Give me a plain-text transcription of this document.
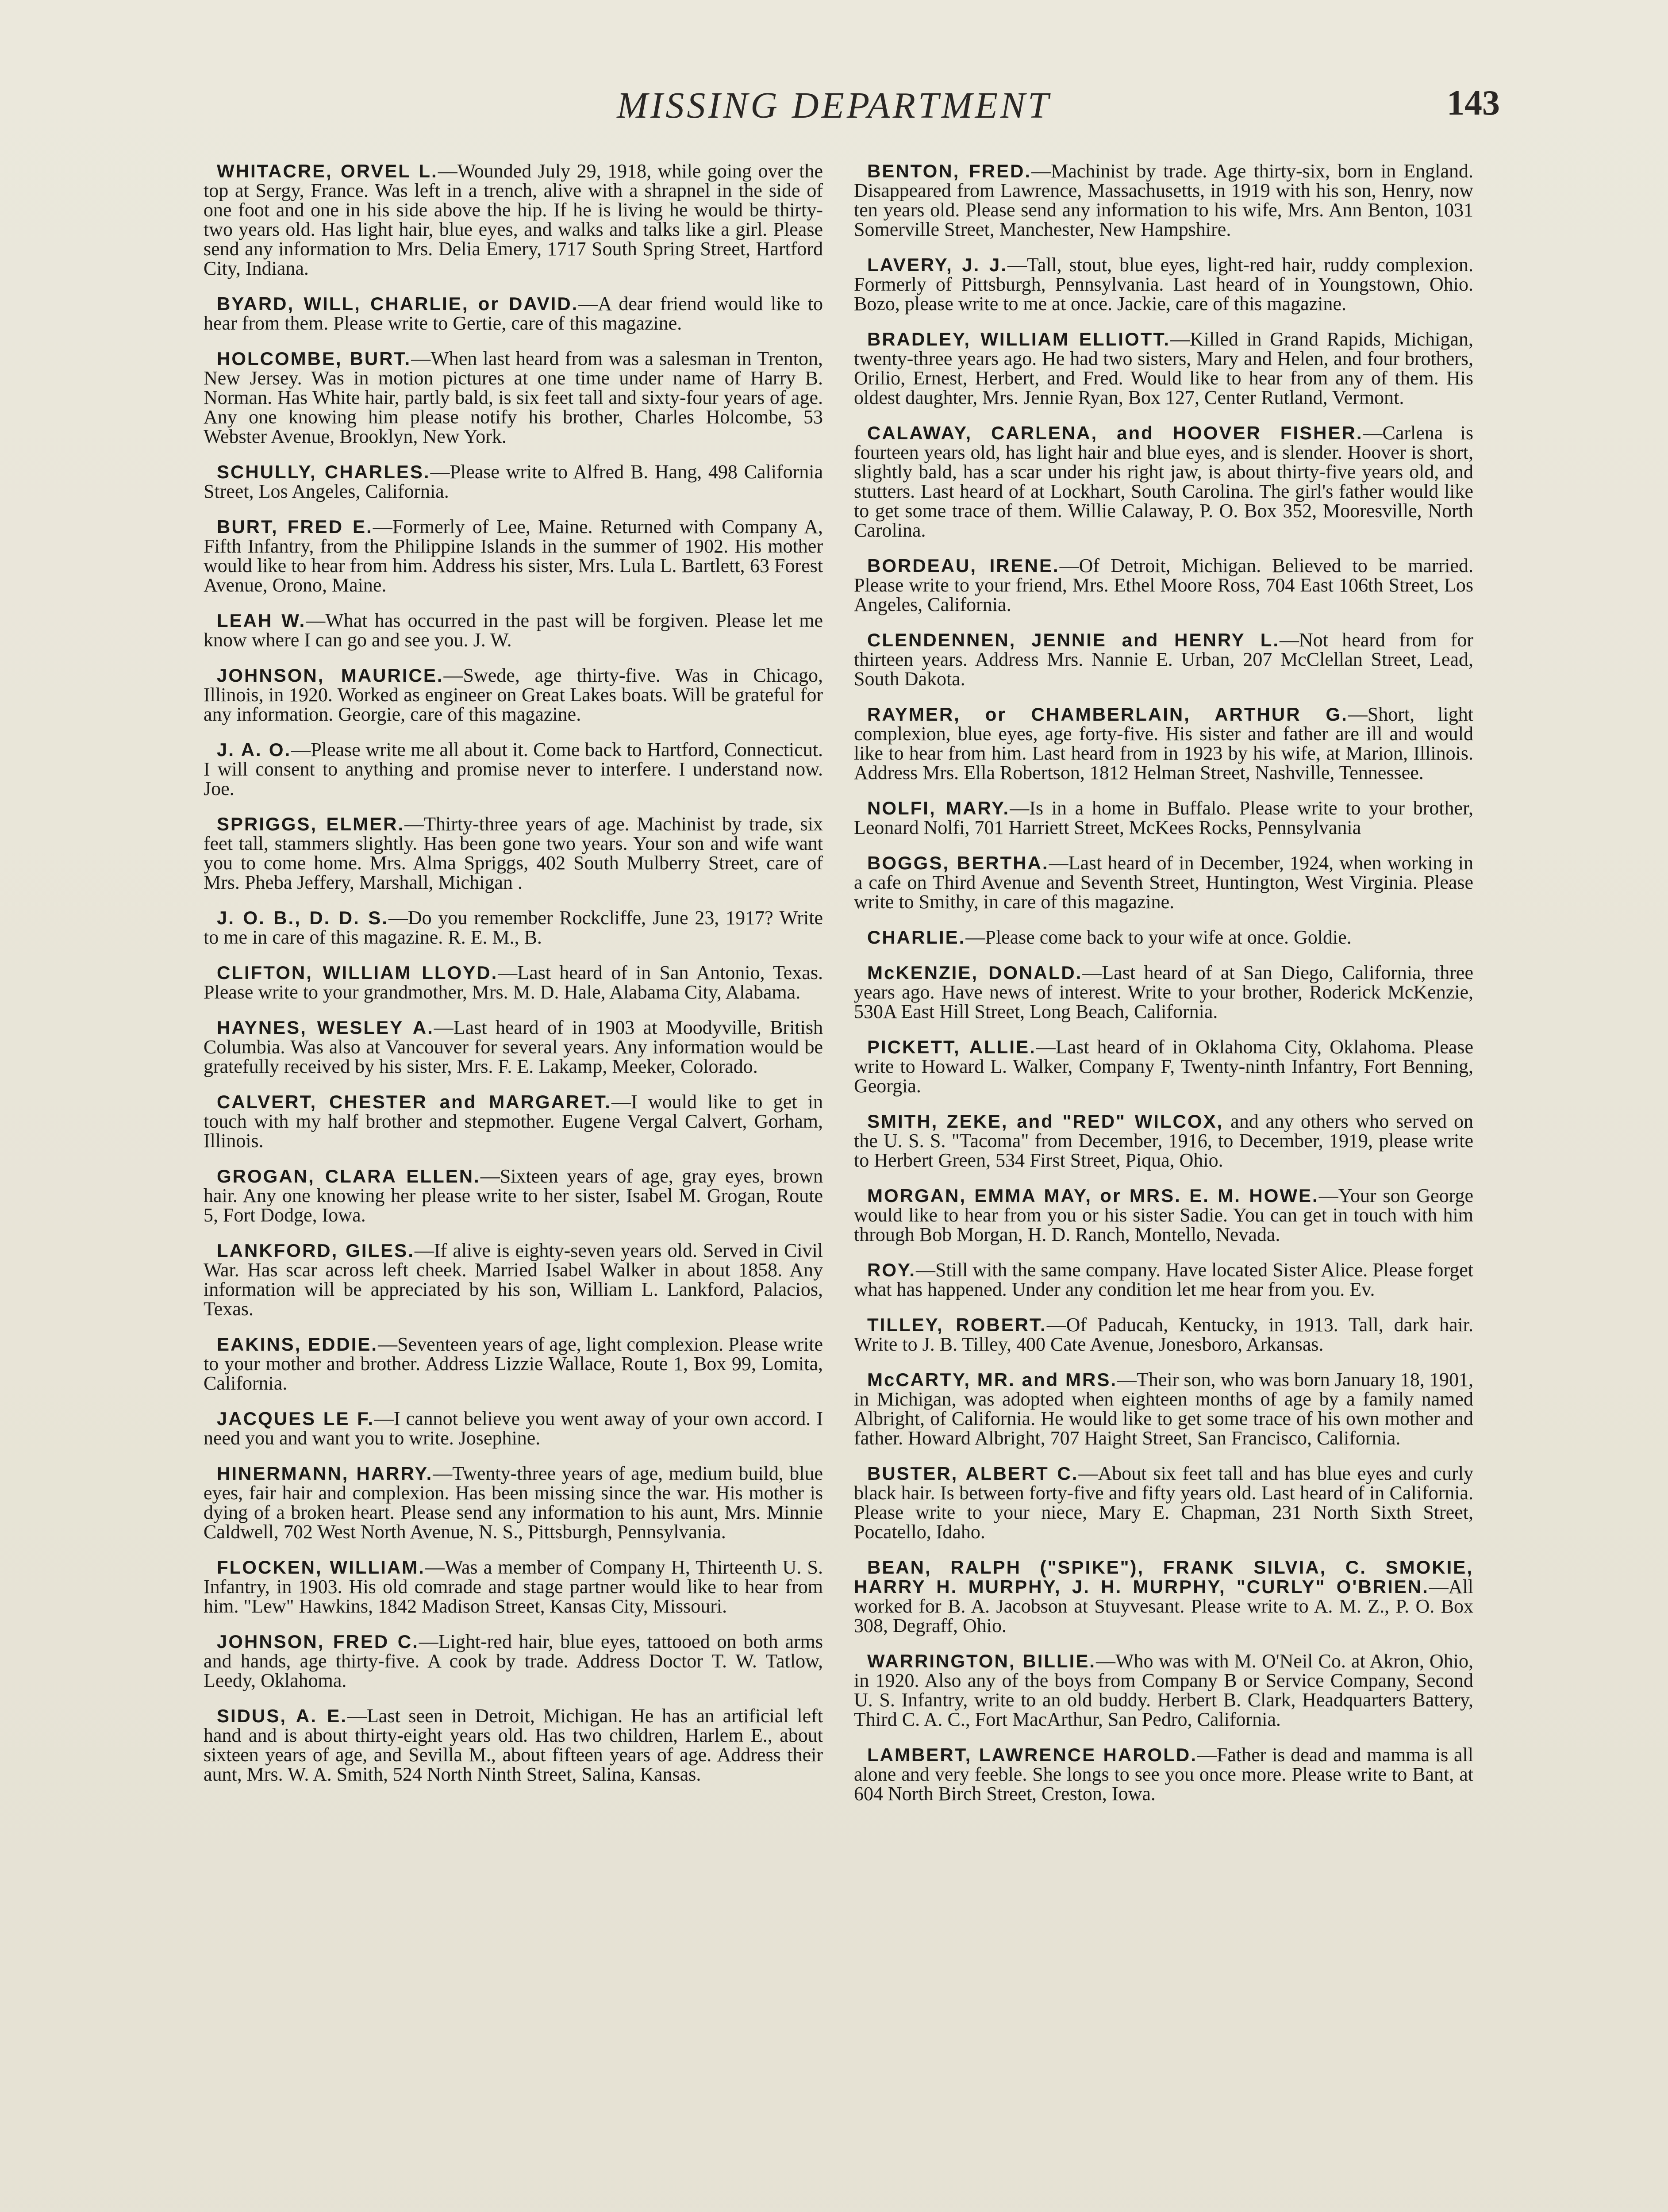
MISSING DEPARTMENT	143

WHITACRE, ORVEL L.—Wounded July 29, 1918, while going over the top at Sergy, France. Was left in a trench, alive with a shrapnel in the side of one foot and one in his side above the hip. If he is living he would be thirty-two years old. Has light hair, blue eyes, and walks and talks like a girl. Please send any information to Mrs. Delia Emery, 1717 South Spring Street, Hartford City, Indiana.

BYARD, WILL, CHARLIE, or DAVID.—A dear friend would like to hear from them. Please write to Gertie, care of this magazine.

HOLCOMBE, BURT.—When last heard from was a salesman in Trenton, New Jersey. Was in motion pictures at one time under name of Harry B. Norman. Has White hair, partly bald, is six feet tall and sixty-four years of age. Any one knowing him please notify his brother, Charles Holcombe, 53 Webster Avenue, Brooklyn, New York.

SCHULLY, CHARLES.—Please write to Alfred B. Hang, 498 California Street, Los Angeles, California.

BURT, FRED E.—Formerly of Lee, Maine. Returned with Company A, Fifth Infantry, from the Philippine Islands in the summer of 1902. His mother would like to hear from him. Address his sister, Mrs. Lula L. Bartlett, 63 Forest Avenue, Orono, Maine.

LEAH W.—What has occurred in the past will be forgiven. Please let me know where I can go and see you. J. W.

JOHNSON, MAURICE.—Swede, age thirty-five. Was in Chicago, Illinois, in 1920. Worked as engineer on Great Lakes boats. Will be grateful for any information. Georgie, care of this magazine.

J. A. O.—Please write me all about it. Come back to Hartford, Connecticut. I will consent to anything and promise never to interfere. I understand now. Joe.

SPRIGGS, ELMER.—Thirty-three years of age. Machinist by trade, six feet tall, stammers slightly. Has been gone two years. Your son and wife want you to come home. Mrs. Alma Spriggs, 402 South Mulberry Street, care of Mrs. Pheba Jeffery, Marshall, Michigan .

J. O. B., D. D. S.—Do you remember Rockcliffe, June 23, 1917? Write to me in care of this magazine. R. E. M., B.

CLIFTON, WILLIAM LLOYD.—Last heard of in San Antonio, Texas. Please write to your grandmother, Mrs. M. D. Hale, Alabama City, Alabama.

HAYNES, WESLEY A.—Last heard of in 1903 at Moodyville, British Columbia. Was also at Vancouver for several years. Any information would be gratefully received by his sister, Mrs. F. E. Lakamp, Meeker, Colorado.

CALVERT, CHESTER and MARGARET.—I would like to get in touch with my half brother and stepmother. Eugene Vergal Calvert, Gorham, Illinois.

GROGAN, CLARA ELLEN.—Sixteen years of age, gray eyes, brown hair. Any one knowing her please write to her sister, Isabel M. Grogan, Route 5, Fort Dodge, Iowa.

LANKFORD, GILES.—If alive is eighty-seven years old. Served in Civil War. Has scar across left cheek. Married Isabel Walker in about 1858. Any information will be appreciated by his son, William L. Lankford, Palacios, Texas.

EAKINS, EDDIE.—Seventeen years of age, light complexion. Please write to your mother and brother. Address Lizzie Wallace, Route 1, Box 99, Lomita, California.

JACQUES LE F.—I cannot believe you went away of your own accord. I need you and want you to write. Josephine.

HINERMANN, HARRY.—Twenty-three years of age, medium build, blue eyes, fair hair and complexion. Has been missing since the war. His mother is dying of a broken heart. Please send any information to his aunt, Mrs. Minnie Caldwell, 702 West North Avenue, N. S., Pittsburgh, Pennsylvania.

FLOCKEN, WILLIAM.—Was a member of Company H, Thirteenth U. S. Infantry, in 1903. His old comrade and stage partner would like to hear from him. "Lew" Hawkins, 1842 Madison Street, Kansas City, Missouri.

JOHNSON, FRED C.—Light-red hair, blue eyes, tattooed on both arms and hands, age thirty-five. A cook by trade. Address Doctor T. W. Tatlow, Leedy, Oklahoma.

SIDUS, A. E.—Last seen in Detroit, Michigan. He has an artificial left hand and is about thirty-eight years old. Has two children, Harlem E., about sixteen years of age, and Sevilla M., about fifteen years of age. Address their aunt, Mrs. W. A. Smith, 524 North Ninth Street, Salina, Kansas.

BENTON, FRED.—Machinist by trade. Age thirty-six, born in England. Disappeared from Lawrence, Massachusetts, in 1919 with his son, Henry, now ten years old. Please send any information to his wife, Mrs. Ann Benton, 1031 Somerville Street, Manchester, New Hampshire.

LAVERY, J. J.—Tall, stout, blue eyes, light-red hair, ruddy complexion. Formerly of Pittsburgh, Pennsylvania. Last heard of in Youngstown, Ohio. Bozo, please write to me at once. Jackie, care of this magazine.

BRADLEY, WILLIAM ELLIOTT.—Killed in Grand Rapids, Michigan, twenty-three years ago. He had two sisters, Mary and Helen, and four brothers, Orilio, Ernest, Herbert, and Fred. Would like to hear from any of them. His oldest daughter, Mrs. Jennie Ryan, Box 127, Center Rutland, Vermont.

CALAWAY, CARLENA, and HOOVER FISHER.—Carlena is fourteen years old, has light hair and blue eyes, and is slender. Hoover is short, slightly bald, has a scar under his right jaw, is about thirty-five years old, and stutters. Last heard of at Lockhart, South Carolina. The girl's father would like to get some trace of them. Willie Calaway, P. O. Box 352, Mooresville, North Carolina.

BORDEAU, IRENE.—Of Detroit, Michigan. Believed to be married. Please write to your friend, Mrs. Ethel Moore Ross, 704 East 106th Street, Los Angeles, California.

CLENDENNEN, JENNIE and HENRY L.—Not heard from for thirteen years. Address Mrs. Nannie E. Urban, 207 McClellan Street, Lead, South Dakota.

RAYMER, or CHAMBERLAIN, ARTHUR G.—Short, light complexion, blue eyes, age forty-five. His sister and father are ill and would like to hear from him. Last heard from in 1923 by his wife, at Marion, Illinois. Address Mrs. Ella Robertson, 1812 Helman Street, Nashville, Tennessee.

NOLFI, MARY.—Is in a home in Buffalo. Please write to your brother, Leonard Nolfi, 701 Harriett Street, McKees Rocks, Pennsylvania

BOGGS, BERTHA.—Last heard of in December, 1924, when working in a cafe on Third Avenue and Seventh Street, Huntington, West Virginia. Please write to Smithy, in care of this magazine.

CHARLIE.—Please come back to your wife at once. Goldie.

McKENZIE, DONALD.—Last heard of at San Diego, California, three years ago. Have news of interest. Write to your brother, Roderick McKenzie, 530A East Hill Street, Long Beach, California.

PICKETT, ALLIE.—Last heard of in Oklahoma City, Oklahoma. Please write to Howard L. Walker, Company F, Twenty-ninth Infantry, Fort Benning, Georgia.

SMITH, ZEKE, and "RED" WILCOX, and any others who served on the U. S. S. "Tacoma" from December, 1916, to December, 1919, please write to Herbert Green, 534 First Street, Piqua, Ohio.

MORGAN, EMMA MAY, or MRS. E. M. HOWE.—Your son George would like to hear from you or his sister Sadie. You can get in touch with him through Bob Morgan, H. D. Ranch, Montello, Nevada.

ROY.—Still with the same company. Have located Sister Alice. Please forget what has happened. Under any condition let me hear from you. Ev.

TILLEY, ROBERT.—Of Paducah, Kentucky, in 1913. Tall, dark hair. Write to J. B. Tilley, 400 Cate Avenue, Jonesboro, Arkansas.

McCARTY, MR. and MRS.—Their son, who was born January 18, 1901, in Michigan, was adopted when eighteen months of age by a family named Albright, of California. He would like to get some trace of his own mother and father. Howard Albright, 707 Haight Street, San Francisco, California.

BUSTER, ALBERT C.—About six feet tall and has blue eyes and curly black hair. Is between forty-five and fifty years old. Last heard of in California. Please write to your niece, Mary E. Chapman, 231 North Sixth Street, Pocatello, Idaho.

BEAN, RALPH ("SPIKE"), FRANK SILVIA, C. SMOKIE, HARRY H. MURPHY, J. H. MURPHY, "CURLY" O'BRIEN.—All worked for B. A. Jacobson at Stuyvesant. Please write to A. M. Z., P. O. Box 308, Degraff, Ohio.

WARRINGTON, BILLIE.—Who was with M. O'Neil Co. at Akron, Ohio, in 1920. Also any of the boys from Company B or Service Company, Second U. S. Infantry, write to an old buddy. Herbert B. Clark, Headquarters Battery, Third C. A. C., Fort MacArthur, San Pedro, California.

LAMBERT, LAWRENCE HAROLD.—Father is dead and mamma is all alone and very feeble. She longs to see you once more. Please write to Bant, at 604 North Birch Street, Creston, Iowa.
